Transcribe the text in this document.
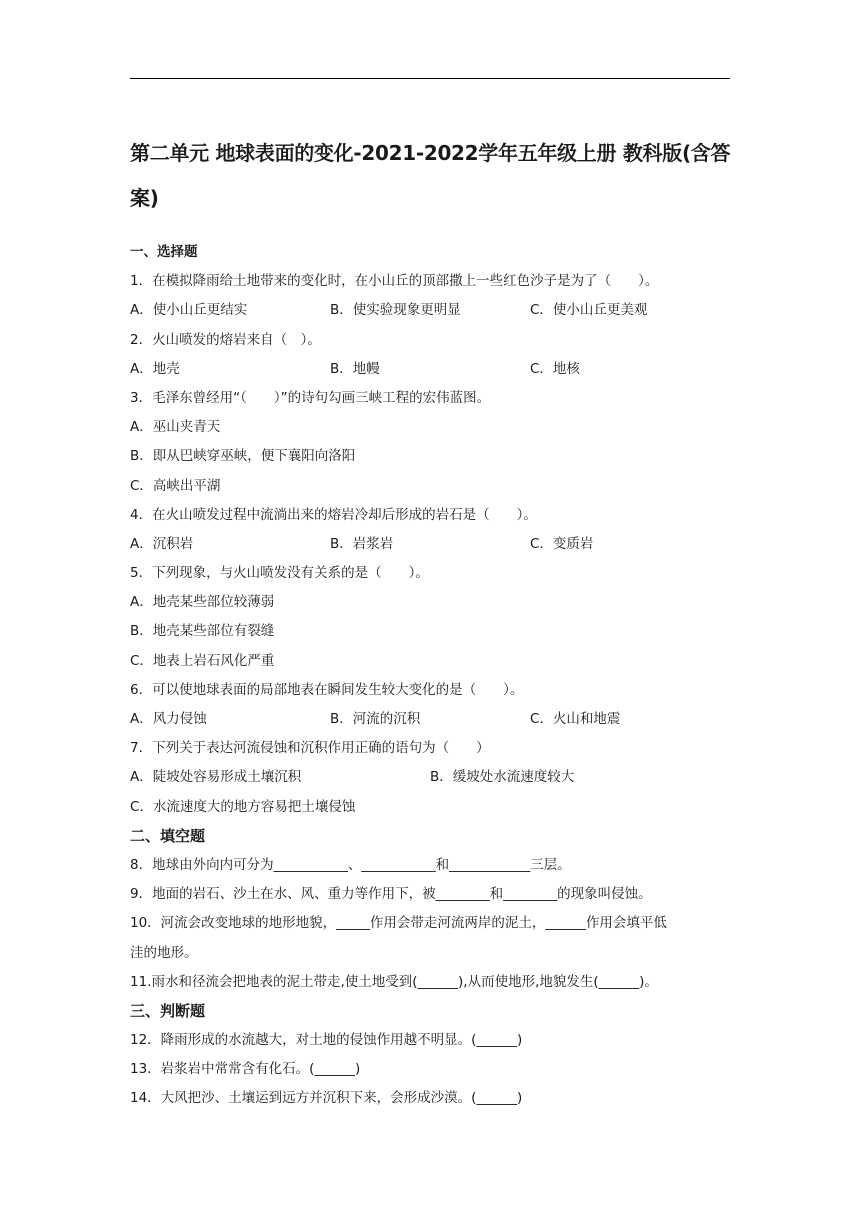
第二单元 地球表面的变化-2021-2022学年五年级上册 教科版(含答案)
一、选择题
1．在模拟降雨给土地带来的变化时，在小山丘的顶部撒上一些红色沙子是为了（　　）。
A．使小山丘更结实	B．使实验现象更明显	C．使小山丘更美观
2．火山喷发的熔岩来自（　）。
A．地壳	B．地幔	C．地核
3．毛泽东曾经用“（　　）”的诗句勾画三峡工程的宏伟蓝图。
A．巫山夹青天
B．即从巴峡穿巫峡，便下襄阳向洛阳
C．高峡出平湖
4．在火山喷发过程中流淌出来的熔岩冷却后形成的岩石是（　　）。
A．沉积岩	B．岩浆岩	C．变质岩
5．下列现象，与火山喷发没有关系的是（　　）。
A．地壳某些部位较薄弱
B．地壳某些部位有裂缝
C．地表上岩石风化严重
6．可以使地球表面的局部地表在瞬间发生较大变化的是（　　）。
A．风力侵蚀	B．河流的沉积	C．火山和地震
7．下列关于表达河流侵蚀和沉积作用正确的语句为（　　）
A．陡坡处容易形成土壤沉积	B．缓坡处水流速度较大
C．水流速度大的地方容易把土壤侵蚀
二、填空题
8．地球由外向内可分为___________、___________和____________三层。
9．地面的岩石、沙土在水、风、重力等作用下，被________和________的现象叫侵蚀。
10．河流会改变地球的地形地貌，_____作用会带走河流两岸的泥土，______作用会填平低
洼的地形。
11.雨水和径流会把地表的泥土带走,使土地受到(______),从而使地形,地貌发生(______)。
三、判断题
12．降雨形成的水流越大，对土地的侵蚀作用越不明显。(______)
13．岩浆岩中常常含有化石。(______)
14．大风把沙、土壤运到远方并沉积下来，会形成沙漠。(______)
